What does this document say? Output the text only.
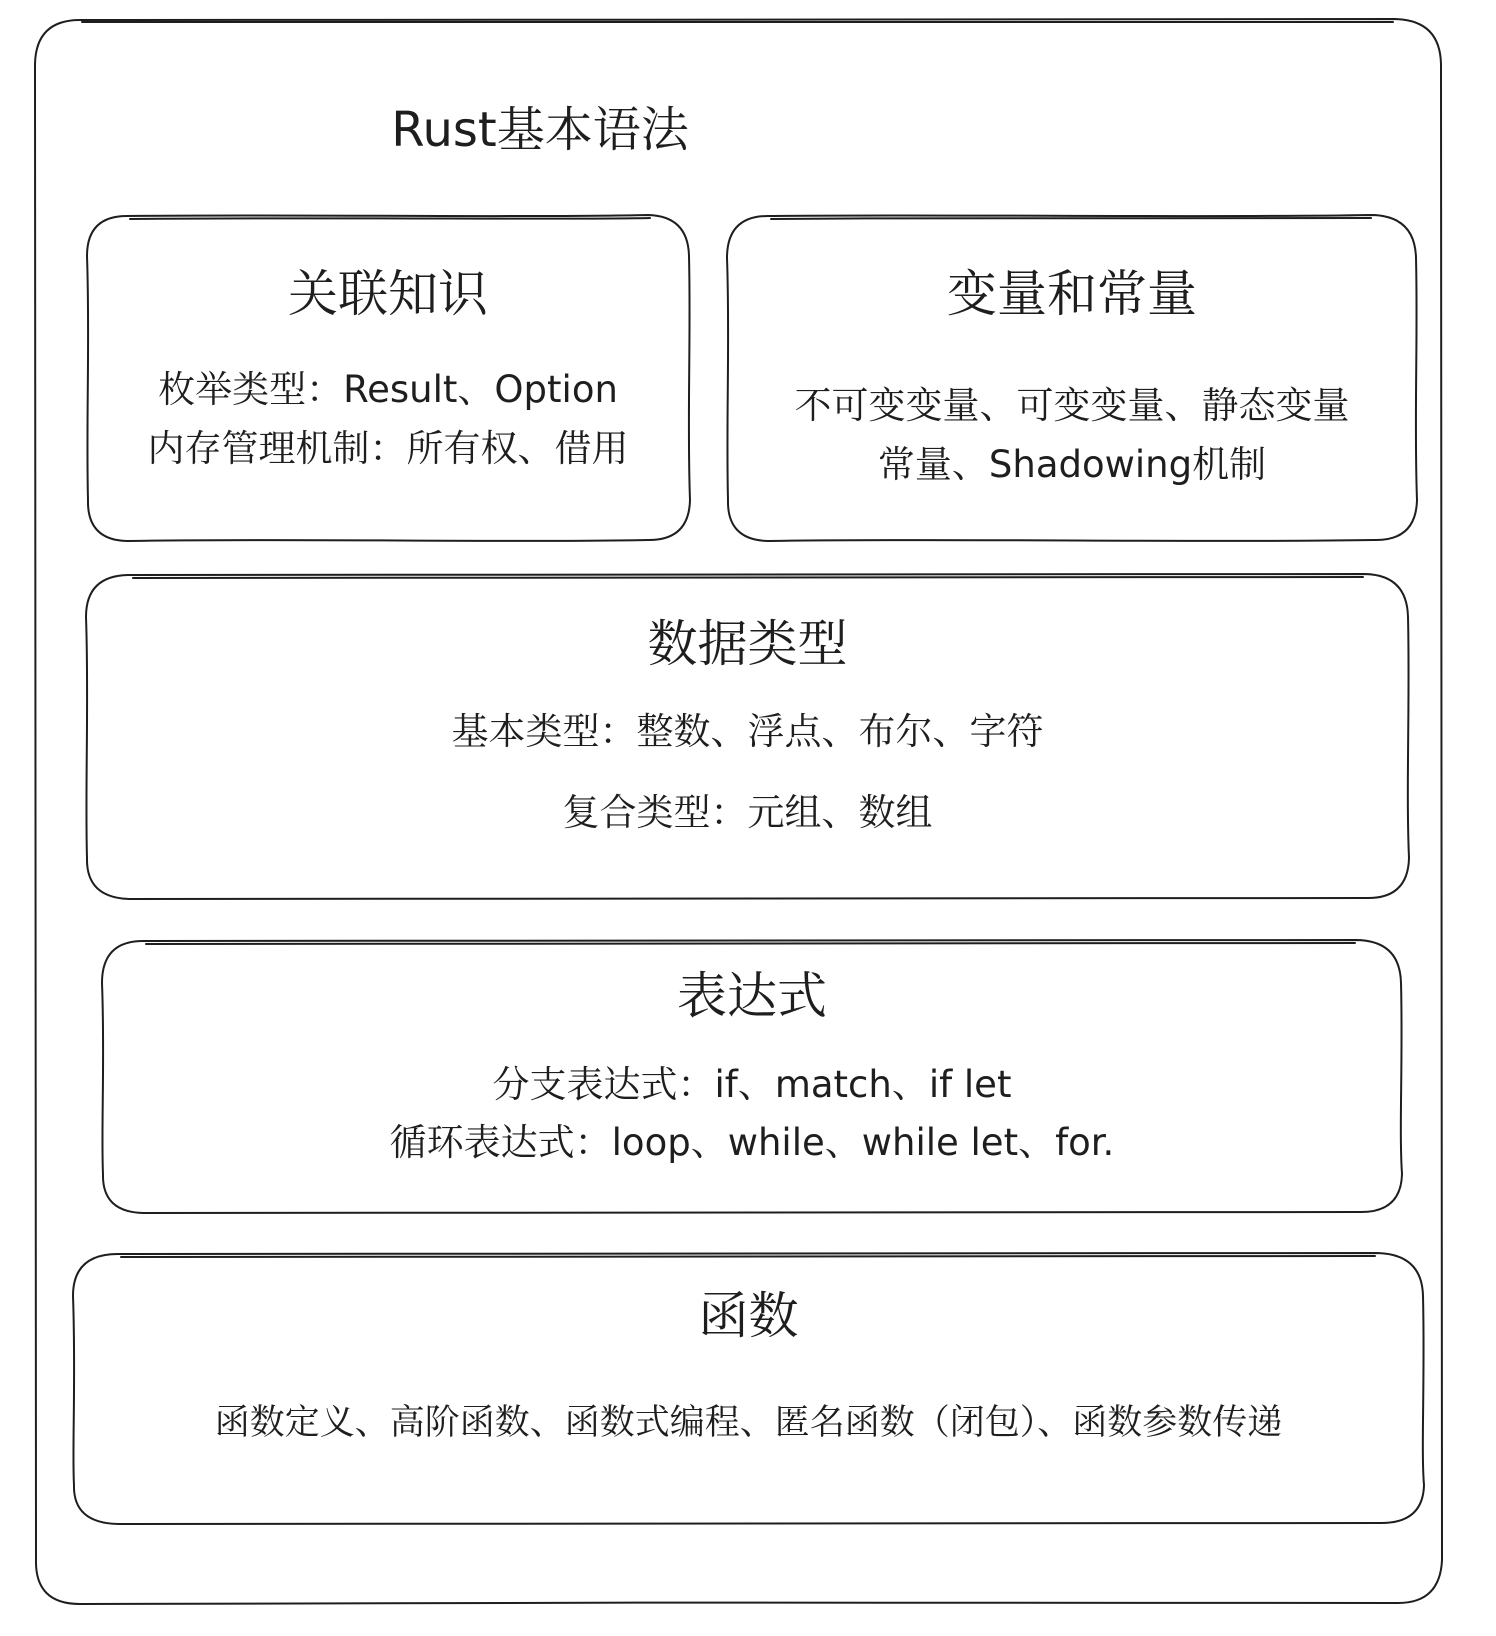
Rust基本语法
关联知识
枚举类型：Result、Option
内存管理机制：所有权、借用
变量和常量
不可变变量、可变变量、静态变量
常量、Shadowing机制
数据类型
基本类型：整数、浮点、布尔、字符
复合类型：元组、数组
表达式
分支表达式：if、match、if let
循环表达式：loop、while、while let、for.
函数
函数定义、高阶函数、函数式编程、匿名函数（闭包）、函数参数传递
